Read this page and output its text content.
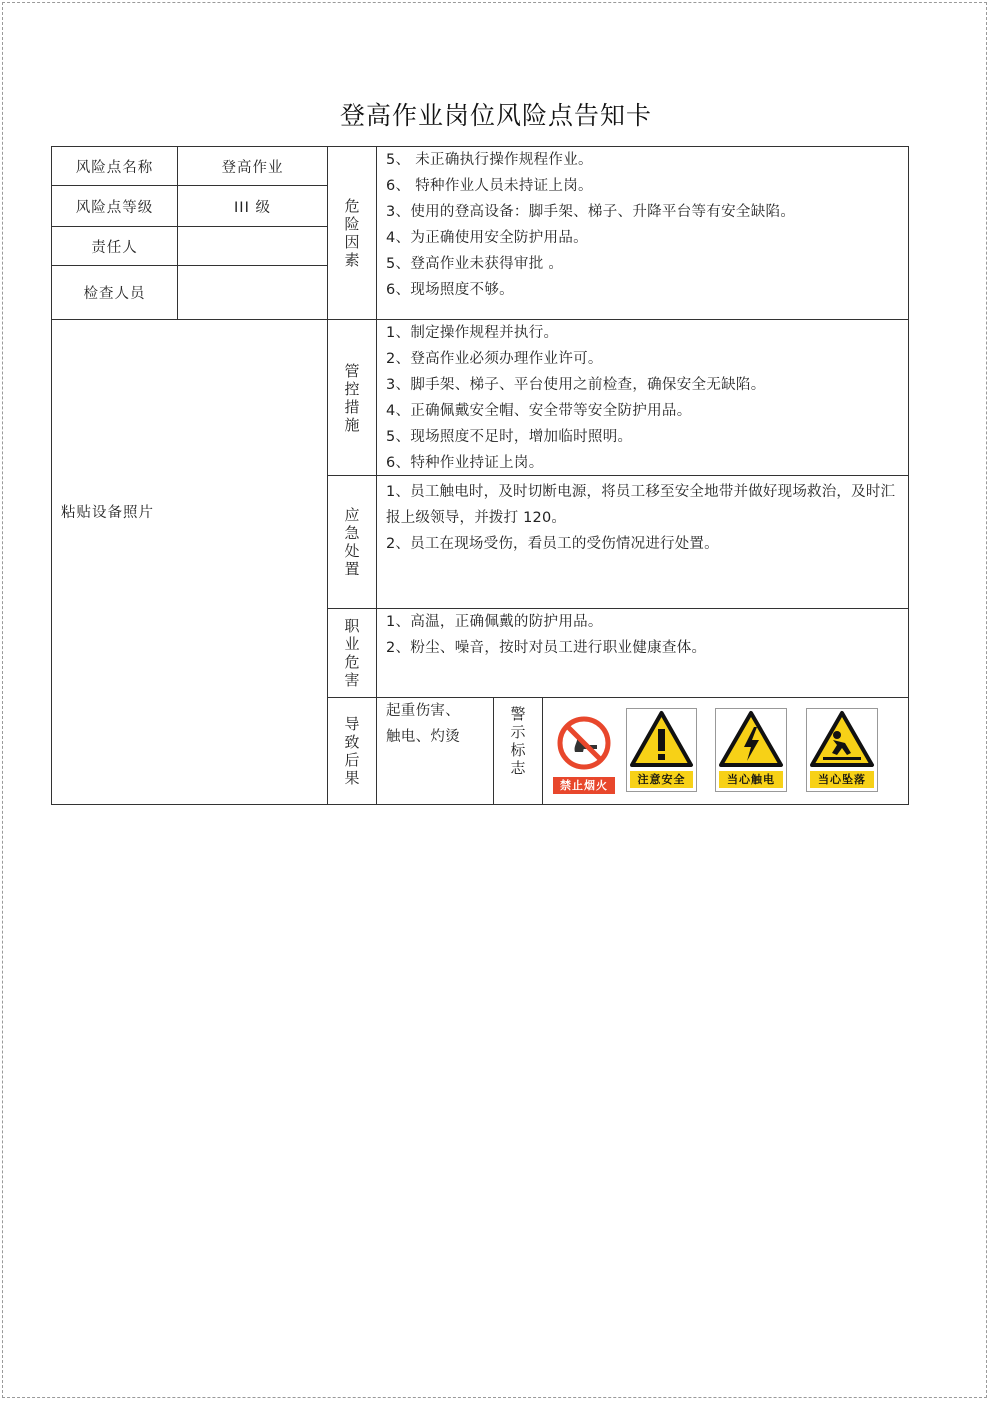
登高作业岗位风险点告知卡
风险点名称	登高作业
风险点等级	III 级
责任人
检查人员
粘贴设备照片
危险因素
5、 未正确执行操作规程作业。
6、 特种作业人员未持证上岗。
3、使用的登高设备：脚手架、梯子、升降平台等有安全缺陷。
4、为正确使用安全防护用品。
5、登高作业未获得审批 。
6、现场照度不够。
管控措施
1、制定操作规程并执行。
2、登高作业必须办理作业许可。
3、脚手架、梯子、平台使用之前检查，确保安全无缺陷。
4、正确佩戴安全帽、安全带等安全防护用品。
5、现场照度不足时，增加临时照明。
6、特种作业持证上岗。
应急处置
1、员工触电时，及时切断电源，将员工移至安全地带并做好现场救治，及时汇报上级领导，并拨打 120。
2、员工在现场受伤，看员工的受伤情况进行处置。
职业危害
1、高温，正确佩戴的防护用品。
2、粉尘、噪音，按时对员工进行职业健康查体。
导致后果
起重伤害、
触电、灼烫
警示标志
禁止烟火	注意安全	当心触电	当心坠落
